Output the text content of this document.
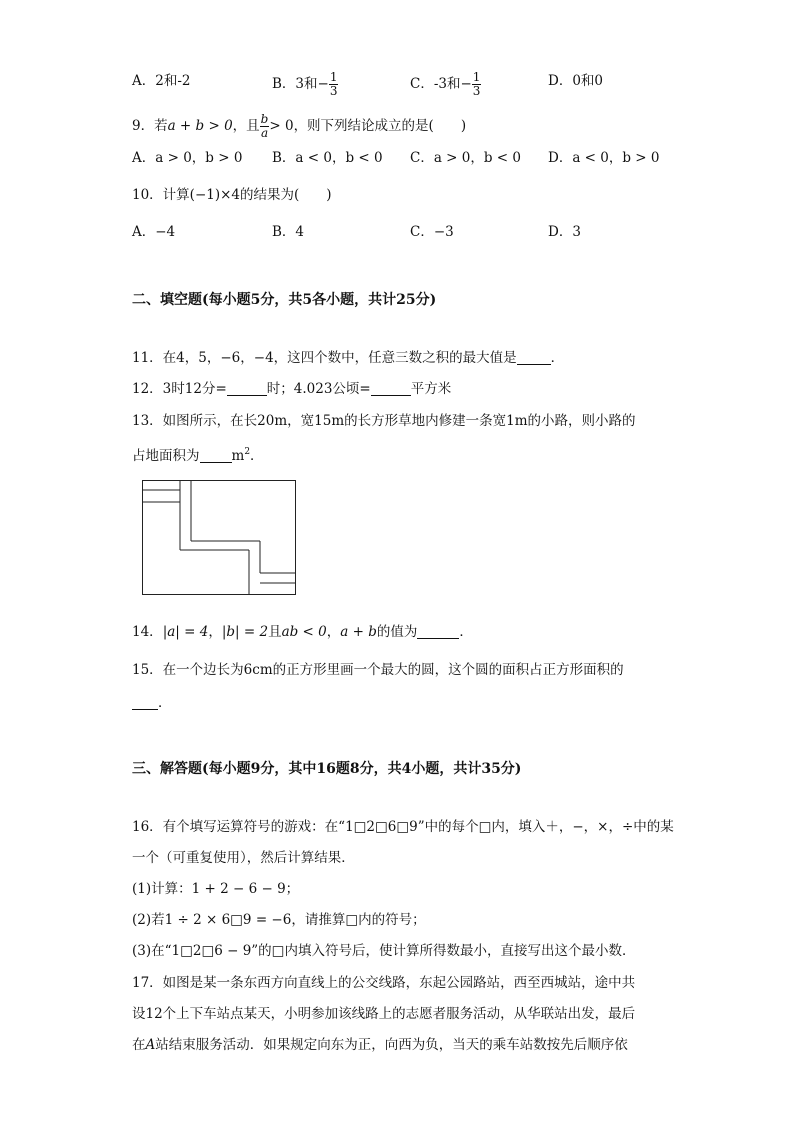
A．2和-2	B．3和− $\frac{1}{3}$	C．-3和− $\frac{1}{3}$	D．0和0
9．若a + b > 0，且 $\frac{b}{a} > 0$，则下列结论成立的是(　　)
A．a > 0，b > 0 B．a < 0，b < 0 C．a > 0，b < 0 D．a < 0，b > 0
10．计算(−1)×4的结果为(　　)
A．−4	B．4	C．−3	D．3
二、填空题(每小题5分，共5各小题，共计25分)
11．在4，5，−6，−4，这四个数中，任意三数之积的最大值是	．
12．3时12分=	时；4.023公顷=	平方米
13．如图所示，在长20m，宽15m的长方形草地内修建一条宽1m的小路，则小路的
占地面积为 $m^2$．
14．|a| = 4，|b| = 2且ab < 0，a + b的值为	．
15．在一个边长为6cm的正方形里画一个最大的圆，这个圆的面积占正方形面积的
．
三、解答题(每小题9分，其中16题8分，共4小题，共计35分)
16．有个填写运算符号的游戏：在“1□2□6□9”中的每个□内，填入＋，−，×，÷中的某
一个（可重复使用），然后计算结果．
(1)计算：1 + 2 − 6 − 9；
(2)若1 ÷ 2 × 6□9 = −6，请推算□内的符号；
(3)在“1□2□6 − 9”的□内填入符号后，使计算所得数最小，直接写出这个最小数．
17．如图是某一条东西方向直线上的公交线路，东起公园路站，西至西城站，途中共
设12个上下车站点某天，小明参加该线路上的志愿者服务活动，从华联站出发，最后
在A站结束服务活动．如果规定向东为正，向西为负，当天的乘车站数按先后顺序依
